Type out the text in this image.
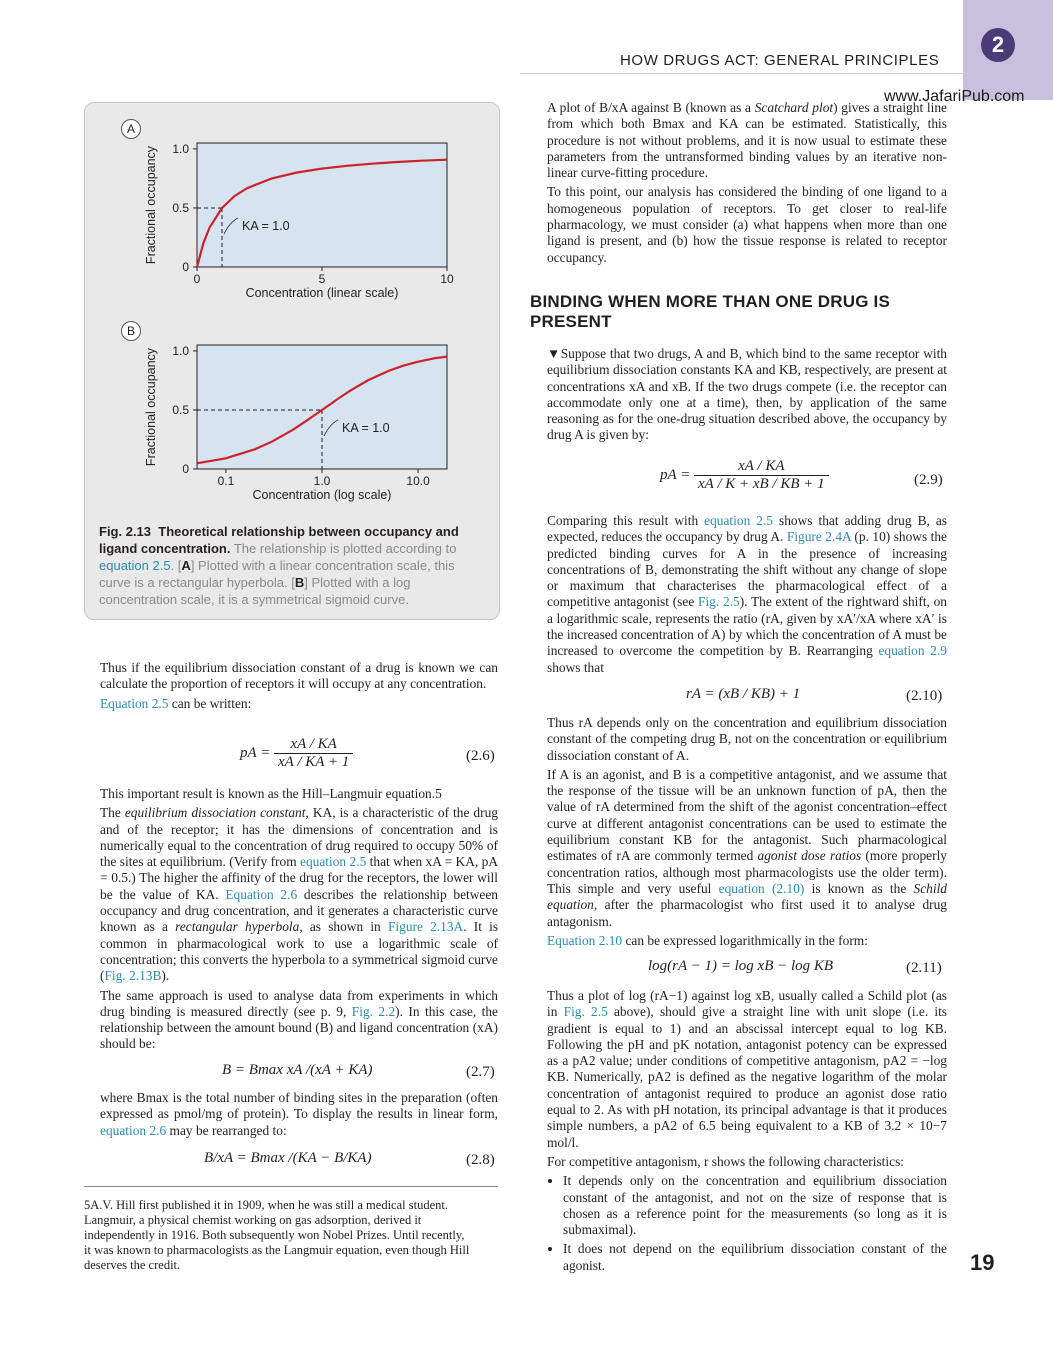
2
HOW DRUGS ACT: GENERAL PRINCIPLES
www.JafariPub.com
A
0
0.5
1.0
0	5	10
Concentration (linear scale)
Fractional occupancy	KA = 1.0
B
0
0.5
1.0
0.1	1.0	10.0
Concentration (log scale)
Fractional occupancy	KA = 1.0
Fig. 2.13 Theoretical relationship between occupancy and ligand concentration. The relationship is plotted according to equation 2.5. [A] Plotted with a linear concentration scale, this curve is a rectangular hyperbola. [B] Plotted with a log concentration scale, it is a symmetrical sigmoid curve.

Thus if the equilibrium dissociation constant of a drug is known we can calculate the proportion of receptors it will occupy at any concentration.

Equation 2.5 can be written:

pA = $\frac{xA / KA}{xA / KA + 1}$	(2.6)

This important result is known as the Hill–Langmuir equation.5

The equilibrium dissociation constant, KA, is a characteristic of the drug and of the receptor; it has the dimensions of concentration and is numerically equal to the concentration of drug required to occupy 50% of the sites at equilibrium. (Verify from equation 2.5 that when xA = KA, pA = 0.5.) The higher the affinity of the drug for the receptors, the lower will be the value of KA. Equation 2.6 describes the relationship between occupancy and drug concentration, and it generates a characteristic curve known as a rectangular hyperbola, as shown in Figure 2.13A. It is common in pharmacological work to use a logarithmic scale of concentration; this converts the hyperbola to a symmetrical sigmoid curve (Fig. 2.13B).

The same approach is used to analyse data from experiments in which drug binding is measured directly (see p. 9, Fig. 2.2). In this case, the relationship between the amount bound (B) and ligand concentration (xA) should be:

B = Bmax xA /(xA + KA)	(2.7)

where Bmax is the total number of binding sites in the preparation (often expressed as pmol/mg of protein). To display the results in linear form, equation 2.6 may be rearranged to:

B/xA = Bmax /(KA − B/KA)	(2.8)
5A.V. Hill first published it in 1909, when he was still a medical student. Langmuir, a physical chemist working on gas adsorption, derived it independently in 1916. Both subsequently won Nobel Prizes. Until recently, it was known to pharmacologists as the Langmuir equation, even though Hill deserves the credit.

A plot of B/xA against B (known as a Scatchard plot) gives a straight line from which both Bmax and KA can be estimated. Statistically, this procedure is not without problems, and it is now usual to estimate these parameters from the untransformed binding values by an iterative non-linear curve-fitting procedure.

To this point, our analysis has considered the binding of one ligand to a homogeneous population of receptors. To get closer to real-life pharmacology, we must consider (a) what happens when more than one ligand is present, and (b) how the tissue response is related to receptor occupancy.

BINDING WHEN MORE THAN ONE DRUG IS PRESENT

▼Suppose that two drugs, A and B, which bind to the same receptor with equilibrium dissociation constants KA and KB, respectively, are present at concentrations xA and xB. If the two drugs compete (i.e. the receptor can accommodate only one at a time), then, by application of the same reasoning as for the one-drug situation described above, the occupancy by drug A is given by:

pA = $\frac{xA / KA}{xA / K + xB / KB + 1}$	(2.9)

Comparing this result with equation 2.5 shows that adding drug B, as expected, reduces the occupancy by drug A. Figure 2.4A (p. 10) shows the predicted binding curves for A in the presence of increasing concentrations of B, demonstrating the shift without any change of slope or maximum that characterises the pharmacological effect of a competitive antagonist (see Fig. 2.5). The extent of the rightward shift, on a logarithmic scale, represents the ratio (rA, given by xA′/xA where xA′ is the increased concentration of A) by which the concentration of A must be increased to overcome the competition by B. Rearranging equation 2.9 shows that

rA = (xB / KB) + 1	(2.10)

Thus rA depends only on the concentration and equilibrium dissociation constant of the competing drug B, not on the concentration or equilibrium dissociation constant of A.

If A is an agonist, and B is a competitive antagonist, and we assume that the response of the tissue will be an unknown function of pA, then the value of rA determined from the shift of the agonist concentration–effect curve at different antagonist concentrations can be used to estimate the equilibrium constant KB for the antagonist. Such pharmacological estimates of rA are commonly termed agonist dose ratios (more properly concentration ratios, although most pharmacologists use the older term). This simple and very useful equation (2.10) is known as the Schild equation, after the pharmacologist who first used it to analyse drug antagonism.

Equation 2.10 can be expressed logarithmically in the form:

log(rA − 1) = log xB − log KB	(2.11)

Thus a plot of log (rA−1) against log xB, usually called a Schild plot (as in Fig. 2.5 above), should give a straight line with unit slope (i.e. its gradient is equal to 1) and an abscissal intercept equal to log KB. Following the pH and pK notation, antagonist potency can be expressed as a pA2 value; under conditions of competitive antagonism, pA2 = −log KB. Numerically, pA2 is defined as the negative logarithm of the molar concentration of antagonist required to produce an agonist dose ratio equal to 2. As with pH notation, its principal advantage is that it produces simple numbers, a pA2 of 6.5 being equivalent to a KB of 3.2 × 10−7 mol/l.

For competitive antagonism, r shows the following characteristics:

• It depends only on the concentration and equilibrium dissociation constant of the antagonist, and not on the size of response that is chosen as a reference point for the measurements (so long as it is submaximal).
• It does not depend on the equilibrium dissociation constant of the agonist.	19
